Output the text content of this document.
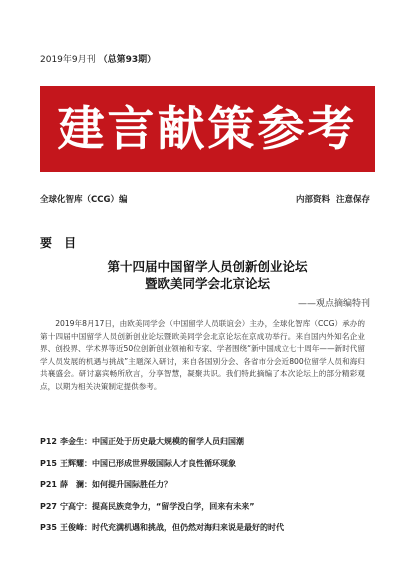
2019年9月刊 （总第93期）
建言献策参考
全球化智库（CCG）编	内部资料 注意保存
要 目
第十四届中国留学人员创新创业论坛
暨欧美同学会北京论坛
——观点摘编特刊

2019年8月17日，由欧美同学会（中国留学人员联谊会）主办，全球化智库（CCG）承办的第十四届中国留学人员创新创业论坛暨欧美同学会北京论坛在京成功举行。来自国内外知名企业界、创投界、学术界等近50位创新创业领袖和专家、学者围绕“新中国成立七十周年——新时代留学人员发展的机遇与挑战”主题深入研讨，来自各国别分会、各省市分会近800位留学人员和海归共襄盛会。研讨嘉宾畅所欣言，分享智慧，凝聚共识。我们特此摘编了本次论坛上的部分精彩观点，以期为相关决策制定提供参考。

P12 李金生：中国正处于历史最大规模的留学人员归国潮
P15 王辉耀：中国已形成世界级国际人才良性循环现象
P21 薛　澜：如何提升国际胜任力？
P27 宁高宁：提高民族竞争力，“留学没白学，回来有未来”
P35 王俊峰：时代充满机遇和挑战，但仍然对海归来说是最好的时代
